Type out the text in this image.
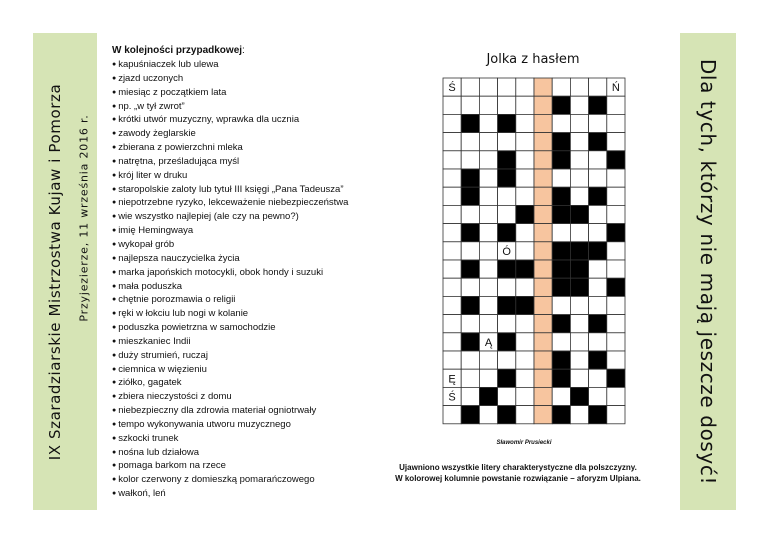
IX Szaradziarskie Mistrzostwa Kujaw i Pomorza Przyjezierze, 11 września 2016 r.	Dla tych, którzy nie mają jeszcze dosyć!
W kolejności przypadkowej:
● kapuśniaczek lub ulewa
● zjazd uczonych
● miesiąc z początkiem lata
● np. „w tył zwrot”
● krótki utwór muzyczny, wprawka dla ucznia
● zawody żeglarskie
● zbierana z powierzchni mleka
● natrętna, prześladująca myśl
● krój liter w druku
● staropolskie zaloty lub tytuł III księgi „Pana Tadeusza”
● niepotrzebne ryzyko, lekceważenie niebezpieczeństwa
● wie wszystko najlepiej (ale czy na pewno?)
● imię Hemingwaya
● wykopał grób
● najlepsza nauczycielka życia
● marka japońskich motocykli, obok hondy i suzuki
● mała poduszka
● chętnie porozmawia o religii
● ręki w łokciu lub nogi w kolanie
● poduszka powietrzna w samochodzie
● mieszkaniec Indii
● duży strumień, ruczaj
● ciemnica w więzieniu
● ziółko, gagatek
● zbiera nieczystości z domu
● niebezpieczny dla zdrowia materiał ogniotrwały
● tempo wykonywania utworu muzycznego
● szkocki trunek
● nośna lub działowa
● pomaga barkom na rzece
● kolor czerwony z domieszką pomarańczowego
● wałkoń, leń
Jolka z hasłem
Ś	Ń
Ó
Ą
Ę
Ś
Sławomir Prusiecki
Ujawniono wszystkie litery charakterystyczne dla polszczyzny.
W kolorowej kolumnie powstanie rozwiązanie – aforyzm Ulpiana.
